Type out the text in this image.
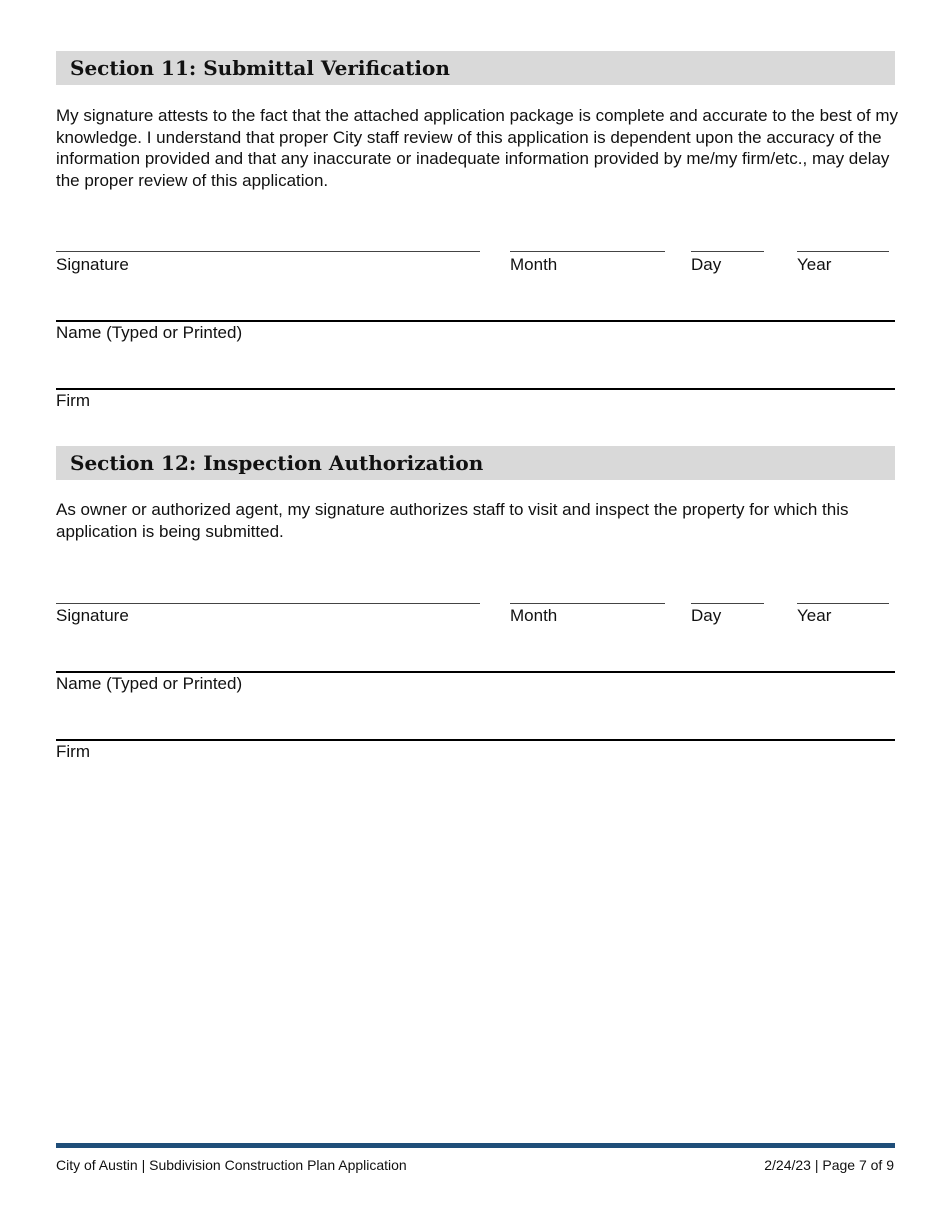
Section 11: Submittal Verification

My signature attests to the fact that the attached application package is complete and accurate to the best of my knowledge. I understand that proper City staff review of this application is dependent upon the accuracy of the information provided and that any inaccurate or inadequate information provided by me/my firm/etc., may delay the proper review of this application.

Signature	Month	Day	Year
Name (Typed or Printed)
Firm
Section 12: Inspection Authorization

As owner or authorized agent, my signature authorizes staff to visit and inspect the property for which this application is being submitted.

Signature	Month	Day	Year
Name (Typed or Printed)
Firm
City of Austin | Subdivision Construction Plan Application	2/24/23 | Page 7 of 9
